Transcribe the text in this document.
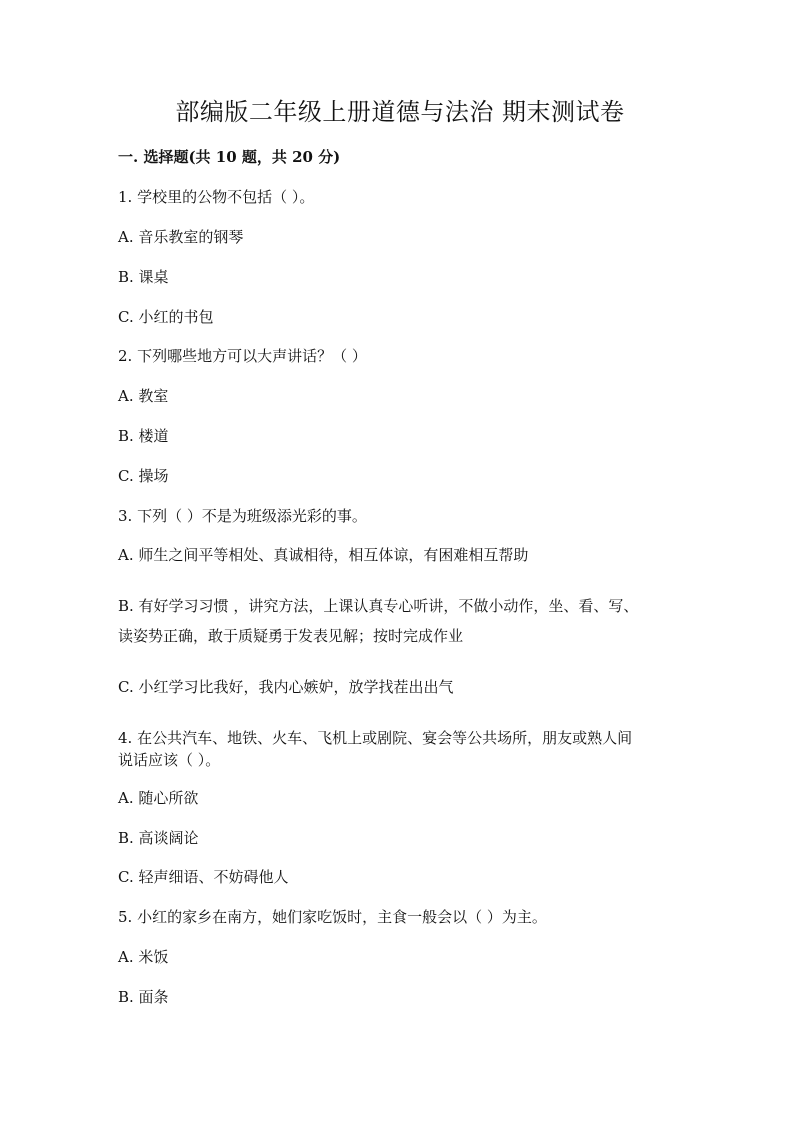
部编版二年级上册道德与法治 期末测试卷
一. 选择题(共 10 题，共 20 分)
1. 学校里的公物不包括（ ）。
A. 音乐教室的钢琴
B. 课桌
C. 小红的书包
2. 下列哪些地方可以大声讲话？（ ）
A. 教室
B. 楼道
C. 操场
3. 下列（ ）不是为班级添光彩的事。
A. 师生之间平等相处、真诚相待，相互体谅，有困难相互帮助
B. 有好学习习惯 ，讲究方法，上课认真专心听讲，不做小动作，坐、看、写、
读姿势正确，敢于质疑勇于发表见解；按时完成作业
C. 小红学习比我好，我内心嫉妒，放学找茬出出气
4. 在公共汽车、地铁、火车、飞机上或剧院、宴会等公共场所，朋友或熟人间
说话应该（ ）。
A. 随心所欲
B. 高谈阔论
C. 轻声细语、不妨碍他人
5. 小红的家乡在南方，她们家吃饭时，主食一般会以（ ）为主。
A. 米饭
B. 面条
